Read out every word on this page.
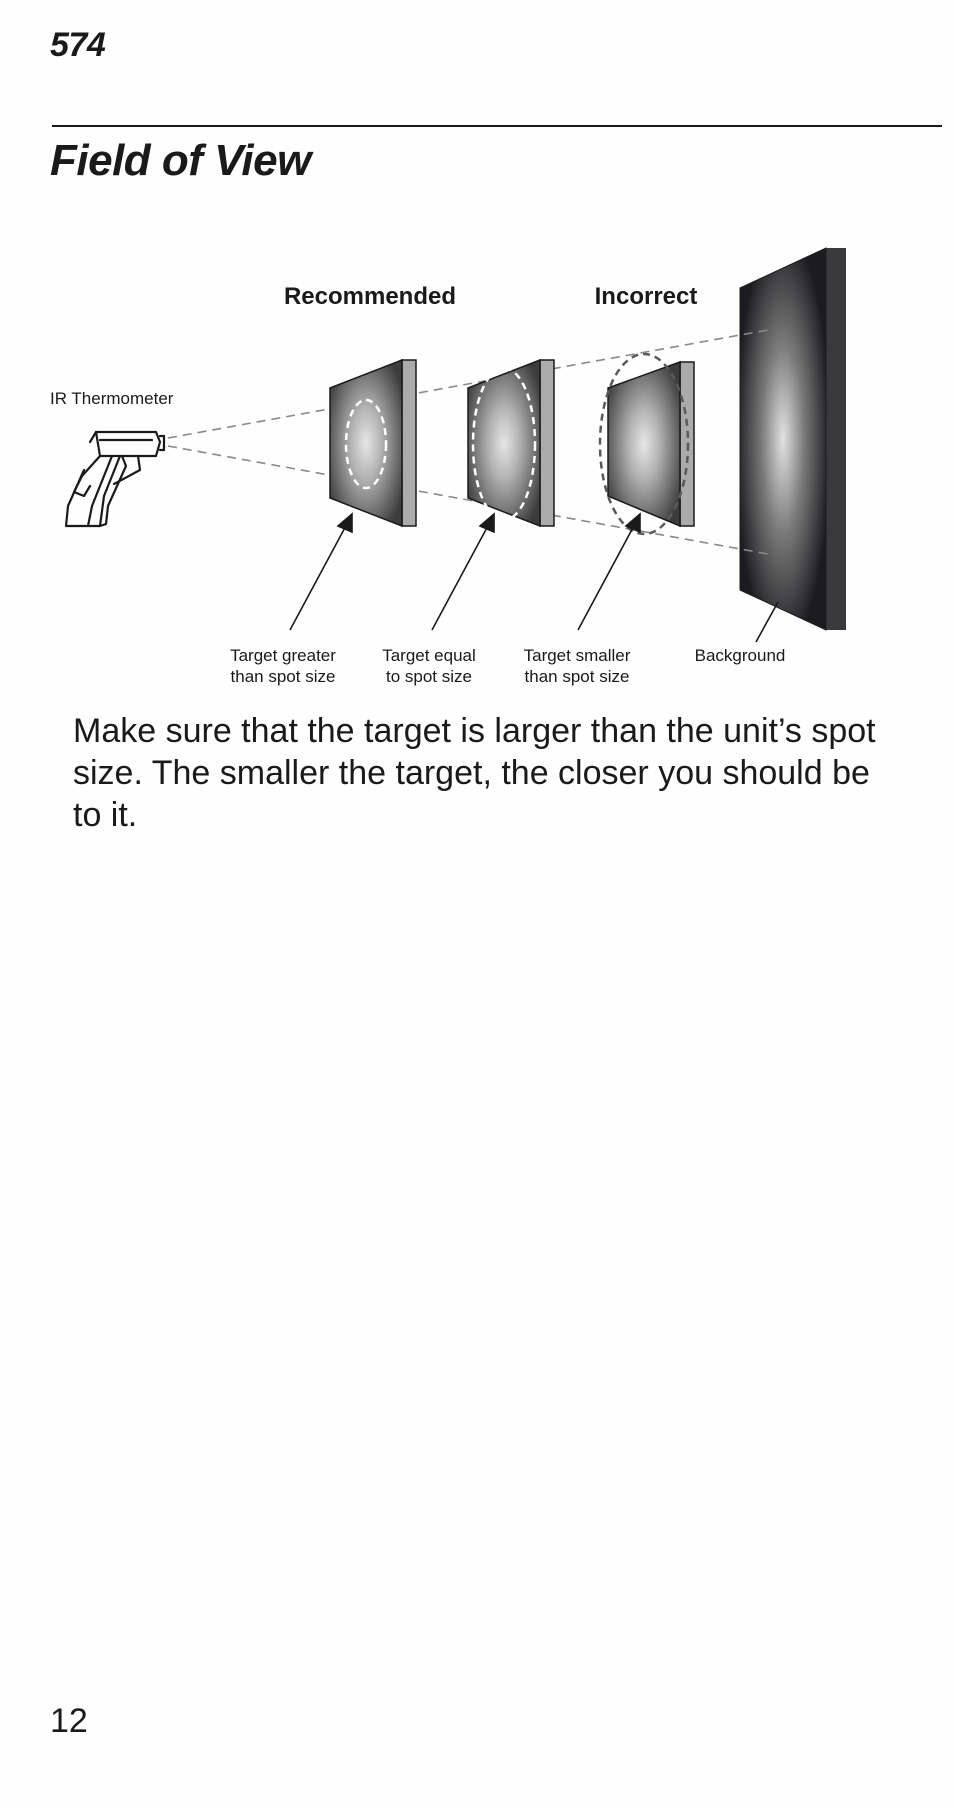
574
Field of View
Recommended	Incorrect
IR Thermometer
Target greater
than spot size
Target equal
to spot size
Target smaller
than spot size
Background

Make sure that the target is larger than the unit’s spot size. The smaller the target, the closer you should be to it.

12
